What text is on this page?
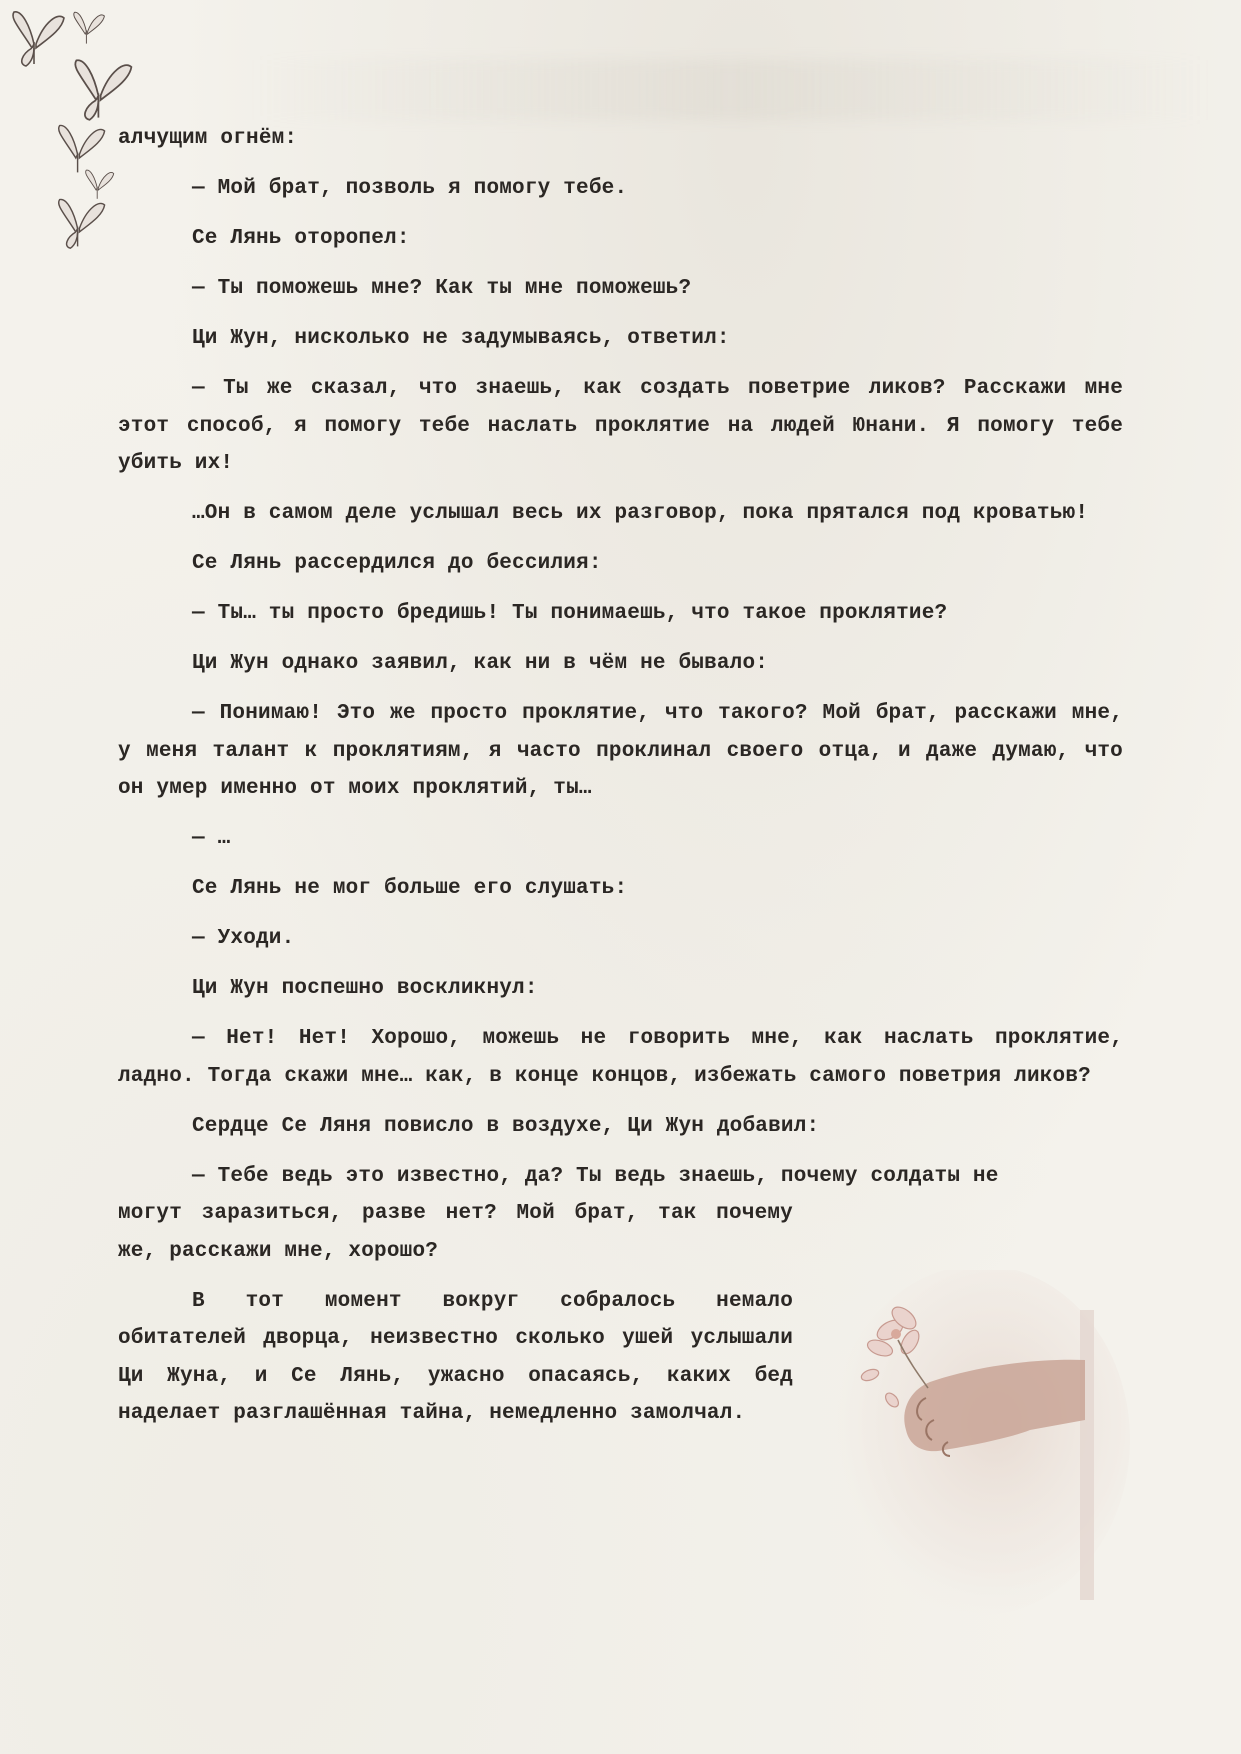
алчущим огнём:

— Мой брат, позволь я помогу тебе.

Се Лянь оторопел:

— Ты поможешь мне? Как ты мне поможешь?

Ци Жун, нисколько не задумываясь, ответил:

— Ты же сказал, что знаешь, как создать поветрие ликов? Расскажи мне этот способ, я помогу тебе наслать проклятие на людей Юнани. Я помогу тебе убить их!

…Он в самом деле услышал весь их разговор, пока прятался под кроватью!

Се Лянь рассердился до бессилия:

— Ты… ты просто бредишь! Ты понимаешь, что такое проклятие?

Ци Жун однако заявил, как ни в чём не бывало:

— Понимаю! Это же просто проклятие, что такого? Мой брат, расскажи мне, у меня талант к проклятиям, я часто проклинал своего отца, и даже думаю, что он умер именно от моих проклятий, ты…

— …

Се Лянь не мог больше его слушать:

— Уходи.

Ци Жун поспешно воскликнул:

— Нет! Нет! Хорошо, можешь не говорить мне, как наслать проклятие, ладно. Тогда скажи мне… как, в конце концов, избежать самого поветрия ликов?

Сердце Се Ляня повисло в воздухе, Ци Жун добавил:

— Тебе ведь это известно, да? Ты ведь знаешь, почему солдаты не

могут заразиться, разве нет? Мой брат, так почему же, расскажи мне, хорошо?

В тот момент вокруг собралось немало обитателей дворца, неизвестно сколько ушей услышали Ци Жуна, и Се Лянь, ужасно опасаясь, каких бед наделает разглашённая тайна, немедленно замолчал.
